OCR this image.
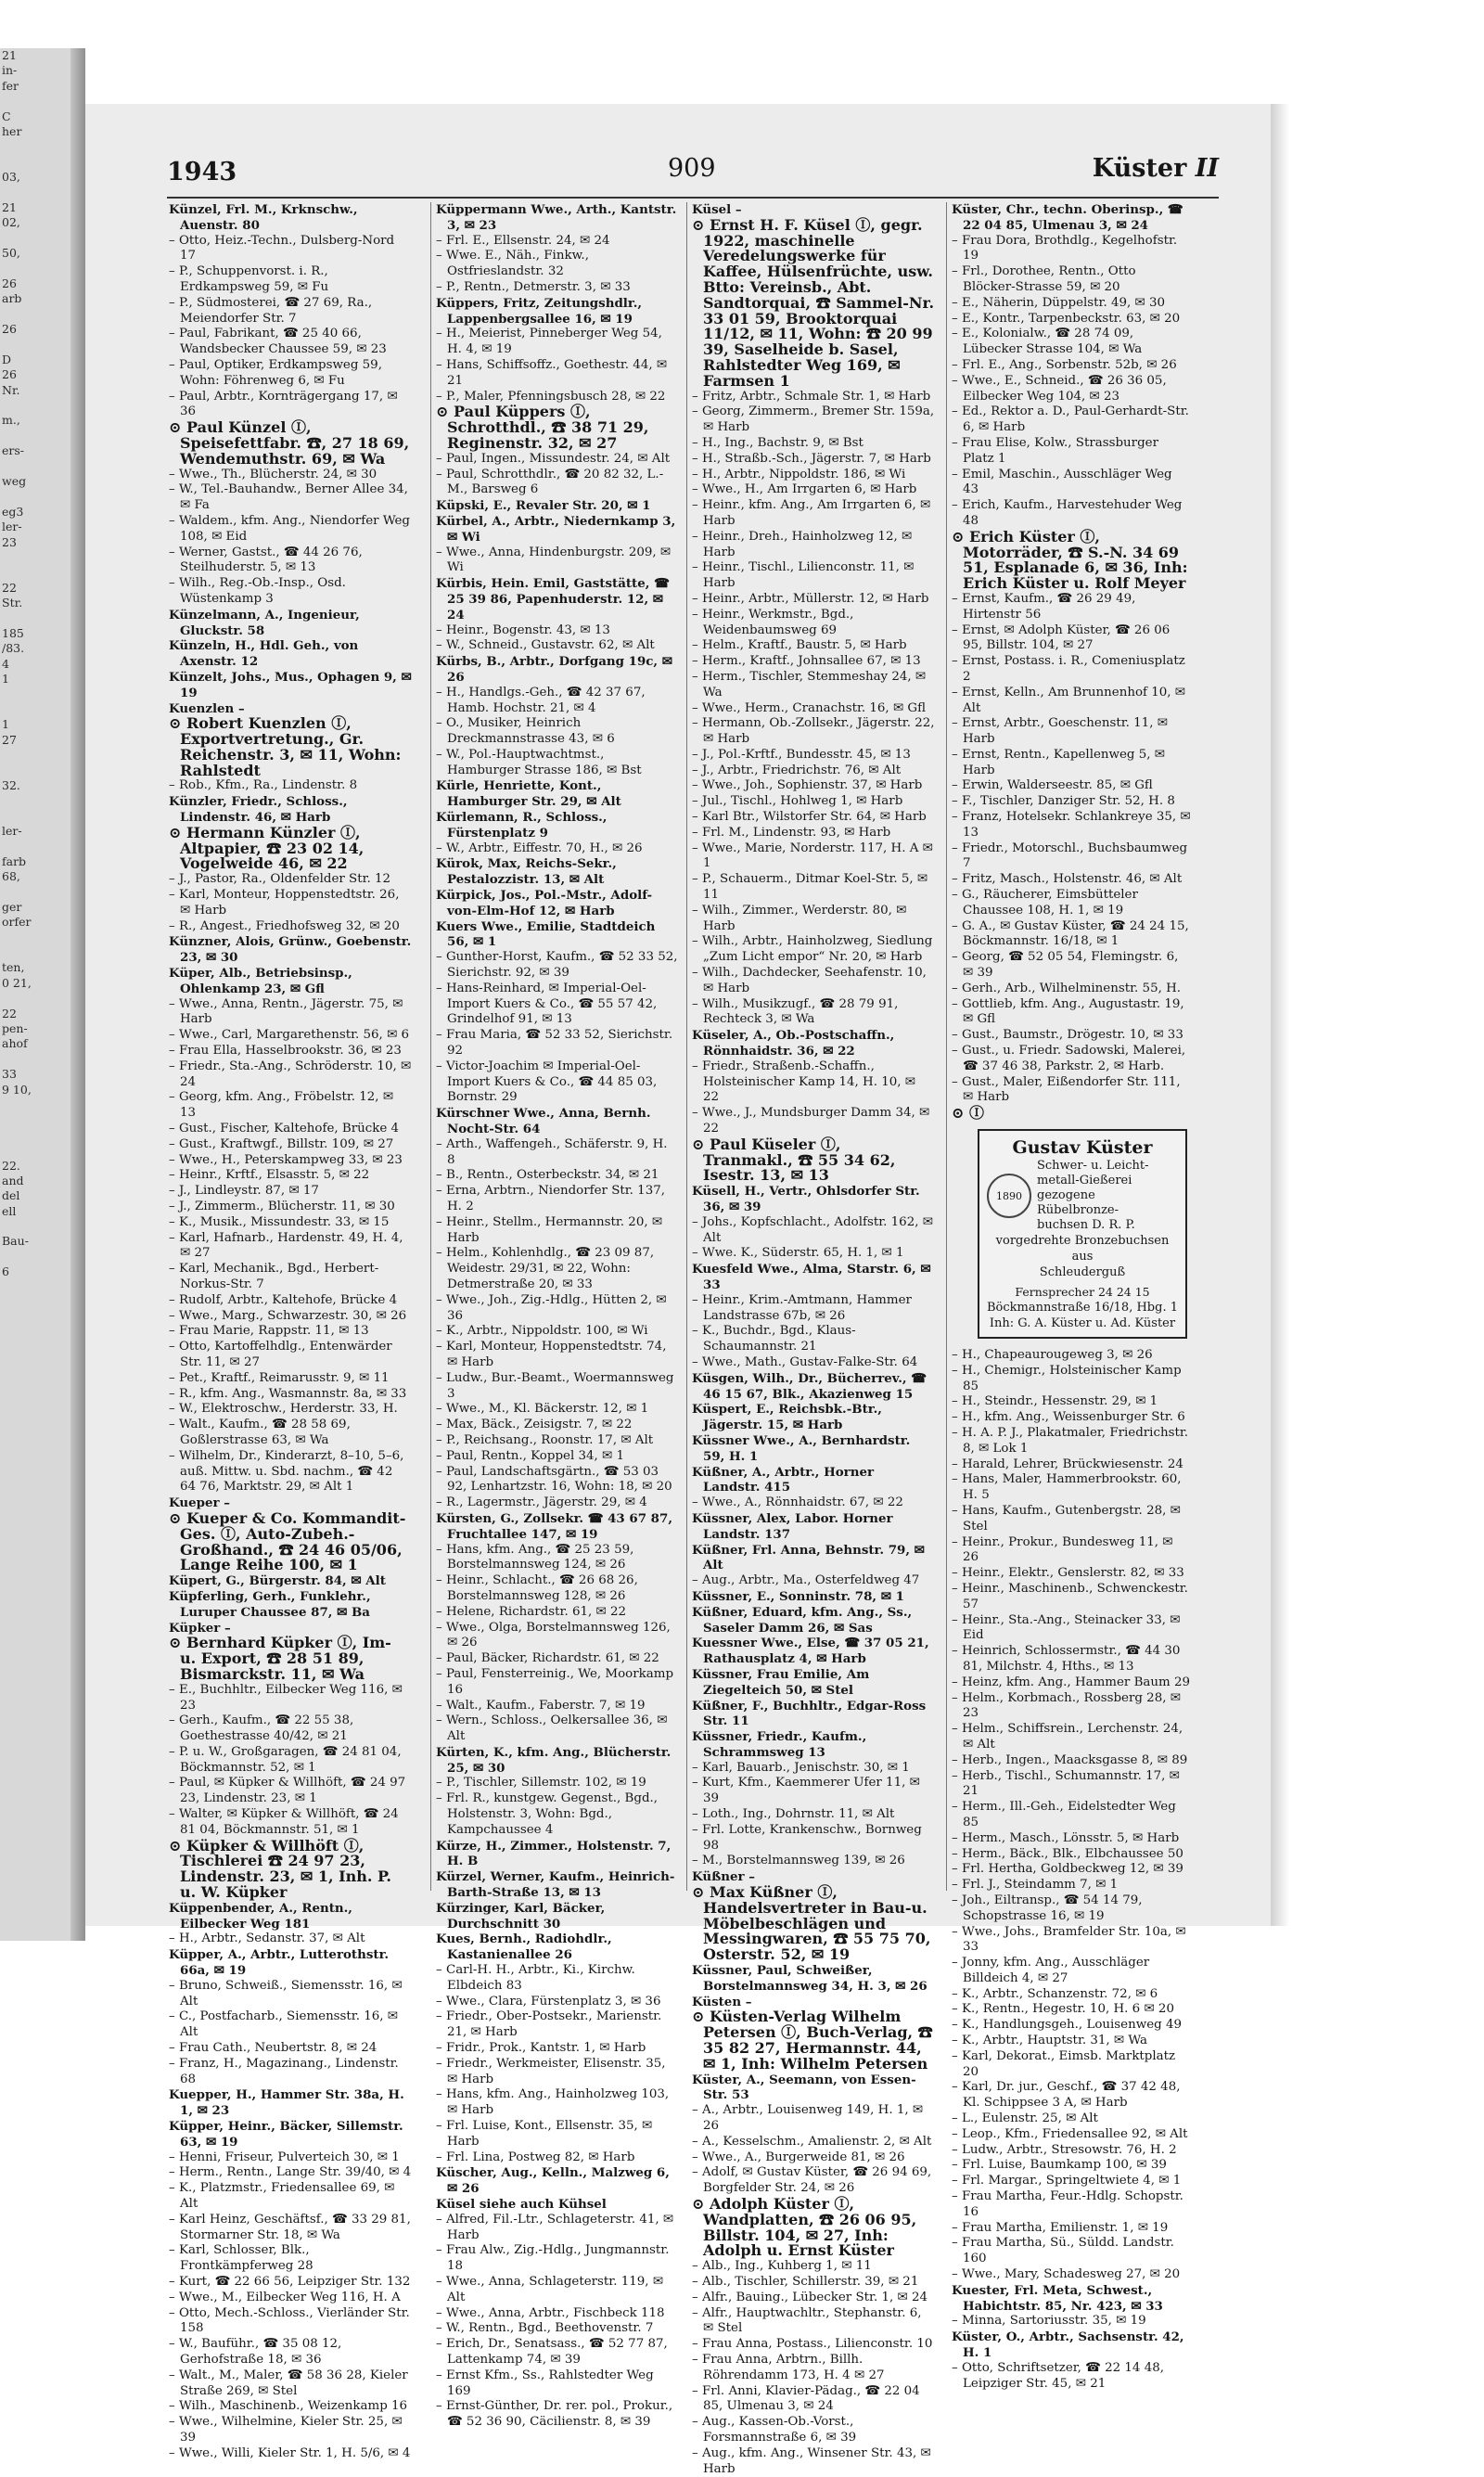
21
in-
fer
C
her
03,
21
02,
50,
26
arb
26
D
26
Nr.
m.,
ers-
weg
eg3
ler-
23
22
Str.
185
/83.
4
1
1
27
32.
ler-
farb
68,
ger
orfer
ten,
0 21,
22
pen-
ahof
33
9 10,
22.
and
del
ell
Bau-
6
1943	909	Küster II
Künzel, Frl. M., Krknschw., Auenstr. 80
– Otto, Heiz.-Techn., Dulsberg-Nord 17
– P., Schuppenvorst. i. R., Erdkampsweg 59, ✉ Fu
– P., Südmosterei, ☎ 27 69, Ra., Meiendorfer Str. 7
– Paul, Fabrikant, ☎ 25 40 66, Wandsbecker Chaussee 59, ✉ 23
– Paul, Optiker, Erdkampsweg 59, Wohn: Föhrenweg 6, ✉ Fu
– Paul, Arbtr., Kornträgergang 17, ✉ 36
⊙ Paul Künzel Ⓘ, Speisefettfabr. ☎, 27 18 69, Wendemuthstr. 69, ✉ Wa
– Wwe., Th., Blücherstr. 24, ✉ 30
– W., Tel.-Bauhandw., Berner Allee 34, ✉ Fa
– Waldem., kfm. Ang., Niendorfer Weg 108, ✉ Eid
– Werner, Gastst., ☎ 44 26 76, Steilhuderstr. 5, ✉ 13
– Wilh., Reg.-Ob.-Insp., Osd. Wüstenkamp 3
Künzelmann, A., Ingenieur, Gluckstr. 58
Künzeln, H., Hdl. Geh., von Axenstr. 12
Künzelt, Johs., Mus., Ophagen 9, ✉ 19
Kuenzlen –
⊙ Robert Kuenzlen Ⓘ, Exportvertretung., Gr. Reichenstr. 3, ✉ 11, Wohn: Rahlstedt
– Rob., Kfm., Ra., Lindenstr. 8
Künzler, Friedr., Schloss., Lindenstr. 46, ✉ Harb
⊙ Hermann Künzler Ⓘ, Altpapier, ☎ 23 02 14, Vogelweide 46, ✉ 22
– J., Pastor, Ra., Oldenfelder Str. 12
– Karl, Monteur, Hoppenstedtstr. 26, ✉ Harb
– R., Angest., Friedhofsweg 32, ✉ 20
Künzner, Alois, Grünw., Goebenstr. 23, ✉ 30
Küper, Alb., Betriebsinsp., Ohlenkamp 23, ✉ Gfl
– Wwe., Anna, Rentn., Jägerstr. 75, ✉ Harb
– Wwe., Carl, Margarethenstr. 56, ✉ 6
– Frau Ella, Hasselbrookstr. 36, ✉ 23
– Friedr., Sta.-Ang., Schröderstr. 10, ✉ 24
– Georg, kfm. Ang., Fröbelstr. 12, ✉ 13
– Gust., Fischer, Kaltehofe, Brücke 4
– Gust., Kraftwgf., Billstr. 109, ✉ 27
– Wwe., H., Peterskampweg 33, ✉ 23
– Heinr., Krftf., Elsasstr. 5, ✉ 22
– J., Lindleystr. 87, ✉ 17
– J., Zimmerm., Blücherstr. 11, ✉ 30
– K., Musik., Missundestr. 33, ✉ 15
– Karl, Hafnarb., Hardenstr. 49, H. 4, ✉ 27
– Karl, Mechanik., Bgd., Herbert-Norkus-Str. 7
– Rudolf, Arbtr., Kaltehofe, Brücke 4
– Wwe., Marg., Schwarzestr. 30, ✉ 26
– Frau Marie, Rappstr. 11, ✉ 13
– Otto, Kartoffelhdlg., Entenwärder Str. 11, ✉ 27
– Pet., Kraftf., Reimarusstr. 9, ✉ 11
– R., kfm. Ang., Wasmannstr. 8a, ✉ 33
– W., Elektroschw., Herderstr. 33, H.
– Walt., Kaufm., ☎ 28 58 69, Goßlerstrasse 63, ✉ Wa
– Wilhelm, Dr., Kinderarzt, 8–10, 5–6, auß. Mittw. u. Sbd. nachm., ☎ 42 64 76, Marktstr. 29, ✉ Alt 1
Kueper –
⊙ Kueper & Co. Kommandit-Ges. Ⓘ, Auto-Zubeh.-Großhand., ☎ 24 46 05/06, Lange Reihe 100, ✉ 1
Küpert, G., Bürgerstr. 84, ✉ Alt
Küpferling, Gerh., Funklehr., Luruper Chaussee 87, ✉ Ba
Küpker –
⊙ Bernhard Küpker Ⓘ, Im- u. Export, ☎ 28 51 89, Bismarckstr. 11, ✉ Wa
– E., Buchhltr., Eilbecker Weg 116, ✉ 23
– Gerh., Kaufm., ☎ 22 55 38, Goethestrasse 40/42, ✉ 21
– P. u. W., Großgaragen, ☎ 24 81 04, Böckmannstr. 52, ✉ 1
– Paul, ✉ Küpker & Willhöft, ☎ 24 97 23, Lindenstr. 23, ✉ 1
– Walter, ✉ Küpker & Willhöft, ☎ 24 81 04, Böckmannstr. 51, ✉ 1
⊙ Küpker & Willhöft Ⓘ, Tischlerei ☎ 24 97 23, Lindenstr. 23, ✉ 1, Inh. P. u. W. Küpker
Küppenbender, A., Rentn., Eilbecker Weg 181
– H., Arbtr., Sedanstr. 37, ✉ Alt
Küpper, A., Arbtr., Lutterothstr. 66a, ✉ 19
– Bruno, Schweiß., Siemensstr. 16, ✉ Alt
– C., Postfacharb., Siemensstr. 16, ✉ Alt
– Frau Cath., Neubertstr. 8, ✉ 24
– Franz, H., Magazinang., Lindenstr. 68
Kuepper, H., Hammer Str. 38a, H. 1, ✉ 23
Küpper, Heinr., Bäcker, Sillemstr. 63, ✉ 19
– Henni, Friseur, Pulverteich 30, ✉ 1
– Herm., Rentn., Lange Str. 39/40, ✉ 4
– K., Platzmstr., Friedensallee 69, ✉ Alt
– Karl Heinz, Geschäftsf., ☎ 33 29 81, Stormarner Str. 18, ✉ Wa
– Karl, Schlosser, Blk., Frontkämpferweg 28
– Kurt, ☎ 22 66 56, Leipziger Str. 132
– Wwe., M., Eilbecker Weg 116, H. A
– Otto, Mech.-Schloss., Vierländer Str. 158
– W., Bauführ., ☎ 35 08 12, Gerhofstraße 18, ✉ 36
– Walt., M., Maler, ☎ 58 36 28, Kieler Straße 269, ✉ Stel
– Wilh., Maschinenb., Weizenkamp 16
– Wwe., Wilhelmine, Kieler Str. 25, ✉ 39
– Wwe., Willi, Kieler Str. 1, H. 5/6, ✉ 4
Küppermann Wwe., Arth., Kantstr. 3, ✉ 23
– Frl. E., Ellsenstr. 24, ✉ 24
– Wwe. E., Näh., Finkw., Ostfrieslandstr. 32
– P., Rentn., Detmerstr. 3, ✉ 33
Küppers, Fritz, Zeitungshdlr., Lappenbergsallee 16, ✉ 19
– H., Meierist, Pinneberger Weg 54, H. 4, ✉ 19
– Hans, Schiffsoffz., Goethestr. 44, ✉ 21
– P., Maler, Pfenningsbusch 28, ✉ 22
⊙ Paul Küppers Ⓘ, Schrotthdl., ☎ 38 71 29, Reginenstr. 32, ✉ 27
– Paul, Ingen., Missundestr. 24, ✉ Alt
– Paul, Schrotthdlr., ☎ 20 82 32, L.-M., Barsweg 6
Küpski, E., Revaler Str. 20, ✉ 1
Kürbel, A., Arbtr., Niedernkamp 3, ✉ Wi
– Wwe., Anna, Hindenburgstr. 209, ✉ Wi
Kürbis, Hein. Emil, Gaststätte, ☎ 25 39 86, Papenhuderstr. 12, ✉ 24
– Heinr., Bogenstr. 43, ✉ 13
– W., Schneid., Gustavstr. 62, ✉ Alt
Kürbs, B., Arbtr., Dorfgang 19c, ✉ 26
– H., Handlgs.-Geh., ☎ 42 37 67, Hamb. Hochstr. 21, ✉ 4
– O., Musiker, Heinrich Dreckmannstrasse 43, ✉ 6
– W., Pol.-Hauptwachtmst., Hamburger Strasse 186, ✉ Bst
Kürle, Henriette, Kont., Hamburger Str. 29, ✉ Alt
Kürlemann, R., Schloss., Fürstenplatz 9
– W., Arbtr., Eiffestr. 70, H., ✉ 26
Kürok, Max, Reichs-Sekr., Pestalozzistr. 13, ✉ Alt
Kürpick, Jos., Pol.-Mstr., Adolf-von-Elm-Hof 12, ✉ Harb
Kuers Wwe., Emilie, Stadtdeich 56, ✉ 1
– Gunther-Horst, Kaufm., ☎ 52 33 52, Sierichstr. 92, ✉ 39
– Hans-Reinhard, ✉ Imperial-Oel-Import Kuers & Co., ☎ 55 57 42, Grindelhof 91, ✉ 13
– Frau Maria, ☎ 52 33 52, Sierichstr. 92
– Victor-Joachim ✉ Imperial-Oel-Import Kuers & Co., ☎ 44 85 03, Bornstr. 29
Kürschner Wwe., Anna, Bernh. Nocht-Str. 64
– Arth., Waffengeh., Schäferstr. 9, H. 8
– B., Rentn., Osterbeckstr. 34, ✉ 21
– Erna, Arbtrn., Niendorfer Str. 137, H. 2
– Heinr., Stellm., Hermannstr. 20, ✉ Harb
– Helm., Kohlenhdlg., ☎ 23 09 87, Weidestr. 29/31, ✉ 22, Wohn: Detmerstraße 20, ✉ 33
– Wwe., Joh., Zig.-Hdlg., Hütten 2, ✉ 36
– K., Arbtr., Nippoldstr. 100, ✉ Wi
– Karl, Monteur, Hoppenstedtstr. 74, ✉ Harb
– Ludw., Bur.-Beamt., Woermannsweg 3
– Wwe., M., Kl. Bäckerstr. 12, ✉ 1
– Max, Bäck., Zeisigstr. 7, ✉ 22
– P., Reichsang., Roonstr. 17, ✉ Alt
– Paul, Rentn., Koppel 34, ✉ 1
– Paul, Landschaftsgärtn., ☎ 53 03 92, Lenhartzstr. 16, Wohn: 18, ✉ 20
– R., Lagermstr., Jägerstr. 29, ✉ 4
Kürsten, G., Zollsekr. ☎ 43 67 87, Fruchtallee 147, ✉ 19
– Hans, kfm. Ang., ☎ 25 23 59, Borstelmannsweg 124, ✉ 26
– Heinr., Schlacht., ☎ 26 68 26, Borstelmannsweg 128, ✉ 26
– Helene, Richardstr. 61, ✉ 22
– Wwe., Olga, Borstelmannsweg 126, ✉ 26
– Paul, Bäcker, Richardstr. 61, ✉ 22
– Paul, Fensterreinig., We, Moorkamp 16
– Walt., Kaufm., Faberstr. 7, ✉ 19
– Wern., Schloss., Oelkersallee 36, ✉ Alt
Kürten, K., kfm. Ang., Blücherstr. 25, ✉ 30
– P., Tischler, Sillemstr. 102, ✉ 19
– Frl. R., kunstgew. Gegenst., Bgd., Holstenstr. 3, Wohn: Bgd., Kampchaussee 4
Kürze, H., Zimmer., Holstenstr. 7, H. B
Kürzel, Werner, Kaufm., Heinrich-Barth-Straße 13, ✉ 13
Kürzinger, Karl, Bäcker, Durchschnitt 30
Kues, Bernh., Radiohdlr., Kastanienallee 26
– Carl-H. H., Arbtr., Ki., Kirchw. Elbdeich 83
– Wwe., Clara, Fürstenplatz 3, ✉ 36
– Friedr., Ober-Postsekr., Marienstr. 21, ✉ Harb
– Fridr., Prok., Kantstr. 1, ✉ Harb
– Friedr., Werkmeister, Elisenstr. 35, ✉ Harb
– Hans, kfm. Ang., Hainholzweg 103, ✉ Harb
– Frl. Luise, Kont., Ellsenstr. 35, ✉ Harb
– Frl. Lina, Postweg 82, ✉ Harb
Küscher, Aug., Kelln., Malzweg 6, ✉ 26
Küsel siehe auch Kühsel
– Alfred, Fil.-Ltr., Schlageterstr. 41, ✉ Harb
– Frau Alw., Zig.-Hdlg., Jungmannstr. 18
– Wwe., Anna, Schlageterstr. 119, ✉ Alt
– Wwe., Anna, Arbtr., Fischbeck 118
– W., Rentn., Bgd., Beethovenstr. 7
– Erich, Dr., Senatsass., ☎ 52 77 87, Lattenkamp 74, ✉ 39
– Ernst Kfm., Ss., Rahlstedter Weg 169
– Ernst-Günther, Dr. rer. pol., Prokur., ☎ 52 36 90, Cäcilienstr. 8, ✉ 39
Küsel –
⊙ Ernst H. F. Küsel Ⓘ, gegr. 1922, maschinelle Veredelungswerke für Kaffee, Hülsenfrüchte, usw. Btto: Vereinsb., Abt. Sandtorquai, ☎ Sammel-Nr. 33 01 59, Brooktorquai 11/12, ✉ 11, Wohn: ☎ 20 99 39, Saselheide b. Sasel, Rahlstedter Weg 169, ✉ Farmsen 1
– Fritz, Arbtr., Schmale Str. 1, ✉ Harb
– Georg, Zimmerm., Bremer Str. 159a, ✉ Harb
– H., Ing., Bachstr. 9, ✉ Bst
– H., Straßb.-Sch., Jägerstr. 7, ✉ Harb
– H., Arbtr., Nippoldstr. 186, ✉ Wi
– Wwe., H., Am Irrgarten 6, ✉ Harb
– Heinr., kfm. Ang., Am Irrgarten 6, ✉ Harb
– Heinr., Dreh., Hainholzweg 12, ✉ Harb
– Heinr., Tischl., Lilienconstr. 11, ✉ Harb
– Heinr., Arbtr., Müllerstr. 12, ✉ Harb
– Heinr., Werkmstr., Bgd., Weidenbaumsweg 69
– Helm., Kraftf., Baustr. 5, ✉ Harb
– Herm., Kraftf., Johnsallee 67, ✉ 13
– Herm., Tischler, Stemmeshay 24, ✉ Wa
– Wwe., Herm., Cranachstr. 16, ✉ Gfl
– Hermann, Ob.-Zollsekr., Jägerstr. 22, ✉ Harb
– J., Pol.-Krftf., Bundesstr. 45, ✉ 13
– J., Arbtr., Friedrichstr. 76, ✉ Alt
– Wwe., Joh., Sophienstr. 37, ✉ Harb
– Jul., Tischl., Hohlweg 1, ✉ Harb
– Karl Btr., Wilstorfer Str. 64, ✉ Harb
– Frl. M., Lindenstr. 93, ✉ Harb
– Wwe., Marie, Norderstr. 117, H. A ✉ 1
– P., Schauerm., Ditmar Koel-Str. 5, ✉ 11
– Wilh., Zimmer., Werderstr. 80, ✉ Harb
– Wilh., Arbtr., Hainholzweg, Siedlung „Zum Licht empor“ Nr. 20, ✉ Harb
– Wilh., Dachdecker, Seehafenstr. 10, ✉ Harb
– Wilh., Musikzugf., ☎ 28 79 91, Rechteck 3, ✉ Wa
Küseler, A., Ob.-Postschaffn., Rönnhaidstr. 36, ✉ 22
– Friedr., Straßenb.-Schaffn., Holsteinischer Kamp 14, H. 10, ✉ 22
– Wwe., J., Mundsburger Damm 34, ✉ 22
⊙ Paul Küseler Ⓘ, Tranmakl., ☎ 55 34 62, Isestr. 13, ✉ 13
Küsell, H., Vertr., Ohlsdorfer Str. 36, ✉ 39
– Johs., Kopfschlacht., Adolfstr. 162, ✉ Alt
– Wwe. K., Süderstr. 65, H. 1, ✉ 1
Kuesfeld Wwe., Alma, Starstr. 6, ✉ 33
– Heinr., Krim.-Amtmann, Hammer Landstrasse 67b, ✉ 26
– K., Buchdr., Bgd., Klaus-Schaumannstr. 21
– Wwe., Math., Gustav-Falke-Str. 64
Küsgen, Wilh., Dr., Bücherrev., ☎ 46 15 67, Blk., Akazienweg 15
Küspert, E., Reichsbk.-Btr., Jägerstr. 15, ✉ Harb
Küssner Wwe., A., Bernhardstr. 59, H. 1
Küßner, A., Arbtr., Horner Landstr. 415
– Wwe., A., Rönnhaidstr. 67, ✉ 22
Küssner, Alex, Labor. Horner Landstr. 137
Küßner, Frl. Anna, Behnstr. 79, ✉ Alt
– Aug., Arbtr., Ma., Osterfeldweg 47
Küssner, E., Sonninstr. 78, ✉ 1
Küßner, Eduard, kfm. Ang., Ss., Saseler Damm 26, ✉ Sas
Kuessner Wwe., Else, ☎ 37 05 21, Rathausplatz 4, ✉ Harb
Küssner, Frau Emilie, Am Ziegelteich 50, ✉ Stel
Küßner, F., Buchhltr., Edgar-Ross Str. 11
Küssner, Friedr., Kaufm., Schrammsweg 13
– Karl, Bauarb., Jenischstr. 30, ✉ 1
– Kurt, Kfm., Kaemmerer Ufer 11, ✉ 39
– Loth., Ing., Dohrnstr. 11, ✉ Alt
– Frl. Lotte, Krankenschw., Bornweg 98
– M., Borstelmannsweg 139, ✉ 26
Küßner –
⊙ Max Küßner Ⓘ, Handelsvertreter in Bau-u. Möbelbeschlägen und Messingwaren, ☎ 55 75 70, Osterstr. 52, ✉ 19
Küssner, Paul, Schweißer, Borstelmannsweg 34, H. 3, ✉ 26
Küsten –
⊙ Küsten-Verlag Wilhelm Petersen Ⓘ, Buch-Verlag, ☎ 35 82 27, Hermannstr. 44, ✉ 1, Inh: Wilhelm Petersen
Küster, A., Seemann, von Essen-Str. 53
– A., Arbtr., Louisenweg 149, H. 1, ✉ 26
– A., Kesselschm., Amalienstr. 2, ✉ Alt
– Wwe., A., Burgerweide 81, ✉ 26
– Adolf, ✉ Gustav Küster, ☎ 26 94 69, Borgfelder Str. 24, ✉ 26
⊙ Adolph Küster Ⓘ, Wandplatten, ☎ 26 06 95, Billstr. 104, ✉ 27, Inh: Adolph u. Ernst Küster
– Alb., Ing., Kuhberg 1, ✉ 11
– Alb., Tischler, Schillerstr. 39, ✉ 21
– Alfr., Bauing., Lübecker Str. 1, ✉ 24
– Alfr., Hauptwachltr., Stephanstr. 6, ✉ Stel
– Frau Anna, Postass., Lilienconstr. 10
– Frau Anna, Arbtrn., Billh. Röhrendamm 173, H. 4 ✉ 27
– Frl. Anni, Klavier-Pädag., ☎ 22 04 85, Ulmenau 3, ✉ 24
– Aug., Kassen-Ob.-Vorst., Forsmannstraße 6, ✉ 39
– Aug., kfm. Ang., Winsener Str. 43, ✉ Harb
Küster, Chr., techn. Oberinsp., ☎ 22 04 85, Ulmenau 3, ✉ 24
– Frau Dora, Brothdlg., Kegelhofstr. 19
– Frl., Dorothee, Rentn., Otto Blöcker-Strasse 59, ✉ 20
– E., Näherin, Düppelstr. 49, ✉ 30
– E., Kontr., Tarpenbeckstr. 63, ✉ 20
– E., Kolonialw., ☎ 28 74 09, Lübecker Strasse 104, ✉ Wa
– Frl. E., Ang., Sorbenstr. 52b, ✉ 26
– Wwe., E., Schneid., ☎ 26 36 05, Eilbecker Weg 104, ✉ 23
– Ed., Rektor a. D., Paul-Gerhardt-Str. 6, ✉ Harb
– Frau Elise, Kolw., Strassburger Platz 1
– Emil, Maschin., Ausschläger Weg 43
– Erich, Kaufm., Harvestehuder Weg 48
⊙ Erich Küster Ⓘ, Motorräder, ☎ S.-N. 34 69 51, Esplanade 6, ✉ 36, Inh: Erich Küster u. Rolf Meyer
– Ernst, Kaufm., ☎ 26 29 49, Hirtenstr 56
– Ernst, ✉ Adolph Küster, ☎ 26 06 95, Billstr. 104, ✉ 27
– Ernst, Postass. i. R., Comeniusplatz 2
– Ernst, Kelln., Am Brunnenhof 10, ✉ Alt
– Ernst, Arbtr., Goeschenstr. 11, ✉ Harb
– Ernst, Rentn., Kapellenweg 5, ✉ Harb
– Erwin, Walderseestr. 85, ✉ Gfl
– F., Tischler, Danziger Str. 52, H. 8
– Franz, Hotelsekr. Schlankreye 35, ✉ 13
– Friedr., Motorschl., Buchsbaumweg 7
– Fritz, Masch., Holstenstr. 46, ✉ Alt
– G., Räucherer, Eimsbütteler Chaussee 108, H. 1, ✉ 19
– G. A., ✉ Gustav Küster, ☎ 24 24 15, Böckmannstr. 16/18, ✉ 1
– Georg, ☎ 52 05 54, Flemingstr. 6, ✉ 39
– Gerh., Arb., Wilhelminenstr. 55, H.
– Gottlieb, kfm. Ang., Augustastr. 19, ✉ Gfl
– Gust., Baumstr., Drögestr. 10, ✉ 33
– Gust., u. Friedr. Sadowski, Malerei, ☎ 37 46 38, Parkstr. 2, ✉ Harb.
– Gust., Maler, Eißendorfer Str. 111, ✉ Harb
⊙ Ⓘ
Gustav Küster
1890
Schwer- u. Leicht-
metall-Gießerei
gezogene Rübelbronze-
buchsen D. R. P.
vorgedrehte Bronzebuchsen aus
Schleuderguß
Fernsprecher 24 24 15
Böckmannstraße 16/18, Hbg. 1
Inh: G. A. Küster u. Ad. Küster
– H., Chapeaurougeweg 3, ✉ 26
– H., Chemigr., Holsteinischer Kamp 85
– H., Steindr., Hessenstr. 29, ✉ 1
– H., kfm. Ang., Weissenburger Str. 6
– H. A. P. J., Plakatmaler, Friedrichstr. 8, ✉ Lok 1
– Harald, Lehrer, Brückwiesenstr. 24
– Hans, Maler, Hammerbrookstr. 60, H. 5
– Hans, Kaufm., Gutenbergstr. 28, ✉ Stel
– Heinr., Prokur., Bundesweg 11, ✉ 26
– Heinr., Elektr., Genslerstr. 82, ✉ 33
– Heinr., Maschinenb., Schwenckestr. 57
– Heinr., Sta.-Ang., Steinacker 33, ✉ Eid
– Heinrich, Schlossermstr., ☎ 44 30 81, Milchstr. 4, Hths., ✉ 13
– Heinz, kfm. Ang., Hammer Baum 29
– Helm., Korbmach., Rossberg 28, ✉ 23
– Helm., Schiffsrein., Lerchenstr. 24, ✉ Alt
– Herb., Ingen., Maacksgasse 8, ✉ 89
– Herb., Tischl., Schumannstr. 17, ✉ 21
– Herm., Ill.-Geh., Eidelstedter Weg 85
– Herm., Masch., Lönsstr. 5, ✉ Harb
– Herm., Bäck., Blk., Elbchaussee 50
– Frl. Hertha, Goldbeckweg 12, ✉ 39
– Frl. J., Steindamm 7, ✉ 1
– Joh., Eiltransp., ☎ 54 14 79, Schopstrasse 16, ✉ 19
– Wwe., Johs., Bramfelder Str. 10a, ✉ 33
– Jonny, kfm. Ang., Ausschläger Billdeich 4, ✉ 27
– K., Arbtr., Schanzenstr. 72, ✉ 6
– K., Rentn., Hegestr. 10, H. 6 ✉ 20
– K., Handlungsgeh., Louisenweg 49
– K., Arbtr., Hauptstr. 31, ✉ Wa
– Karl, Dekorat., Eimsb. Marktplatz 20
– Karl, Dr. jur., Geschf., ☎ 37 42 48, Kl. Schippsee 3 A, ✉ Harb
– L., Eulenstr. 25, ✉ Alt
– Leop., Kfm., Friedensallee 92, ✉ Alt
– Ludw., Arbtr., Stresowstr. 76, H. 2
– Frl. Luise, Baumkamp 100, ✉ 39
– Frl. Margar., Springeltwiete 4, ✉ 1
– Frau Martha, Feur.-Hdlg. Schopstr. 16
– Frau Martha, Emilienstr. 1, ✉ 19
– Frau Martha, Sü., Süldd. Landstr. 160
– Wwe., Mary, Schadesweg 27, ✉ 20
Kuester, Frl. Meta, Schwest., Habichtstr. 85, Nr. 423, ✉ 33
– Minna, Sartoriusstr. 35, ✉ 19
Küster, O., Arbtr., Sachsenstr. 42, H. 1
– Otto, Schriftsetzer, ☎ 22 14 48, Leipziger Str. 45, ✉ 21
